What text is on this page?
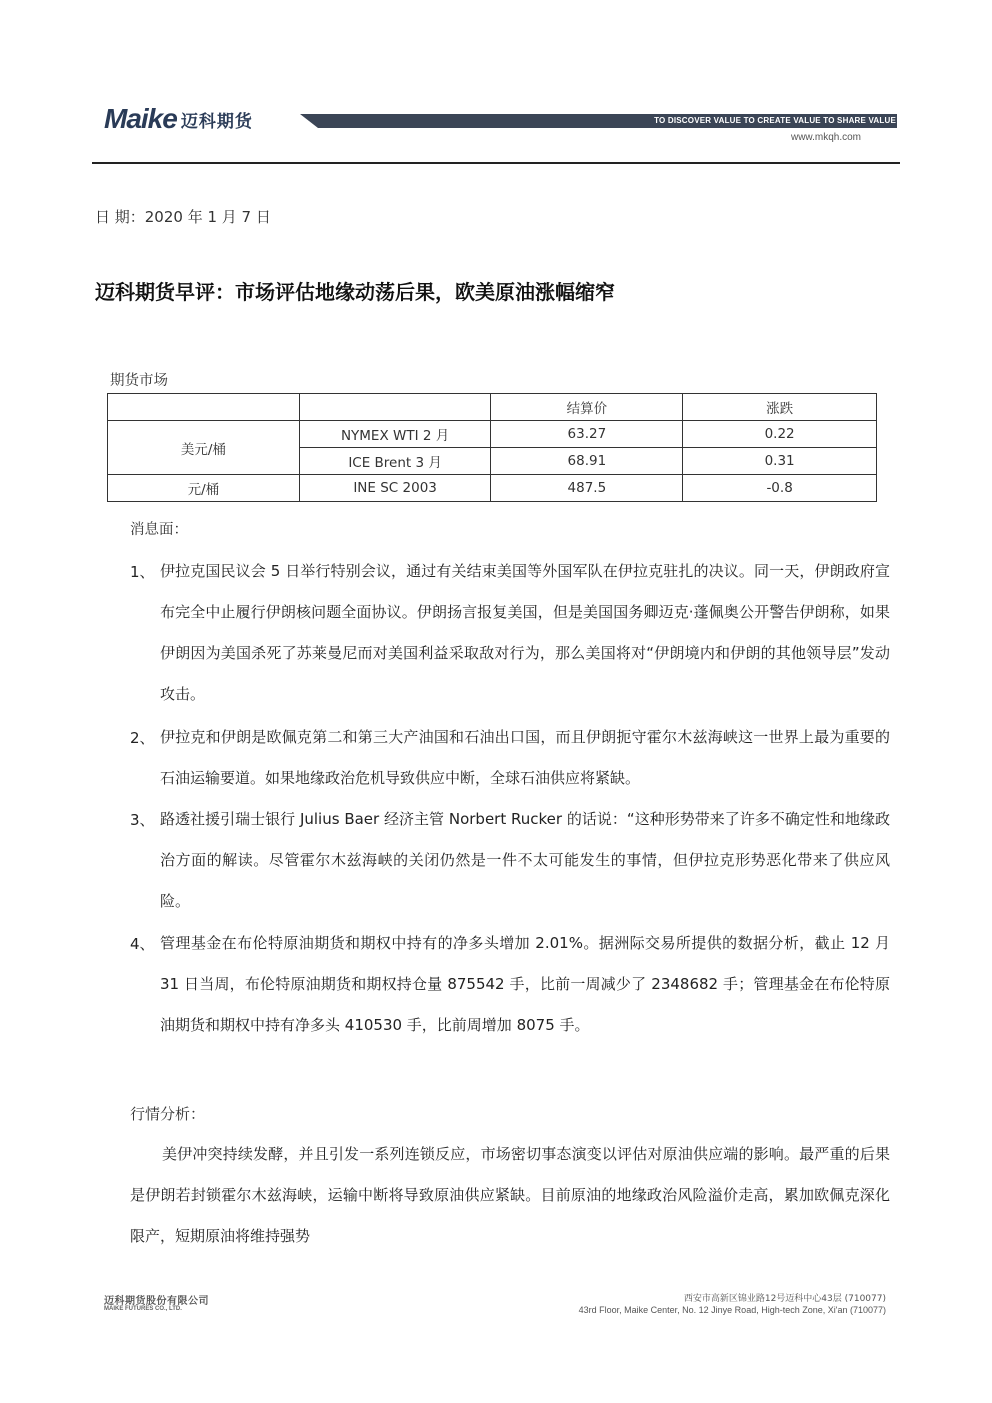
Maike 迈科期货	TO DISCOVER VALUE TO CREATE VALUE TO SHARE VALUE
www.mkqh.com
日 期：2020 年 1 月 7 日
迈科期货早评：市场评估地缘动荡后果，欧美原油涨幅缩窄
期货市场
		结算价	涨跌
美元/桶	NYMEX WTI 2 月	63.27	0.22
	ICE Brent 3 月	68.91	0.31
元/桶	INE SC 2003	487.5	-0.8
消息面：
1、 伊拉克国民议会 5 日举行特别会议，通过有关结束美国等外国军队在伊拉克驻扎的决议。同一天，伊朗政府宣布完全中止履行伊朗核问题全面协议。伊朗扬言报复美国，但是美国国务卿迈克·蓬佩奥公开警告伊朗称，如果伊朗因为美国杀死了苏莱曼尼而对美国利益采取敌对行为，那么美国将对“伊朗境内和伊朗的其他领导层”发动攻击。
2、 伊拉克和伊朗是欧佩克第二和第三大产油国和石油出口国，而且伊朗扼守霍尔木兹海峡这一世界上最为重要的石油运输要道。如果地缘政治危机导致供应中断，全球石油供应将紧缺。
3、 路透社援引瑞士银行 Julius Baer 经济主管 Norbert Rucker 的话说：“这种形势带来了许多不确定性和地缘政治方面的解读。尽管霍尔木兹海峡的关闭仍然是一件不太可能发生的事情，但伊拉克形势恶化带来了供应风险。
4、 管理基金在布伦特原油期货和期权中持有的净多头增加 2.01%。据洲际交易所提供的数据分析，截止 12 月 31 日当周，布伦特原油期货和期权持仓量 875542 手，比前一周减少了 2348682 手；管理基金在布伦特原油期货和期权中持有净多头 410530 手，比前周增加 8075 手。
行情分析：
美伊冲突持续发酵，并且引发一系列连锁反应，市场密切事态演变以评估对原油供应端的影响。最严重的后果是伊朗若封锁霍尔木兹海峡，运输中断将导致原油供应紧缺。目前原油的地缘政治风险溢价走高，累加欧佩克深化限产，短期原油将维持强势
迈科期货股份有限公司
MAIKE FUTURES CO., LTD.
西安市高新区锦业路12号迈科中心43层 (710077)
43rd Floor, Maike Center, No. 12 Jinye Road, High-tech Zone, Xi'an (710077)
